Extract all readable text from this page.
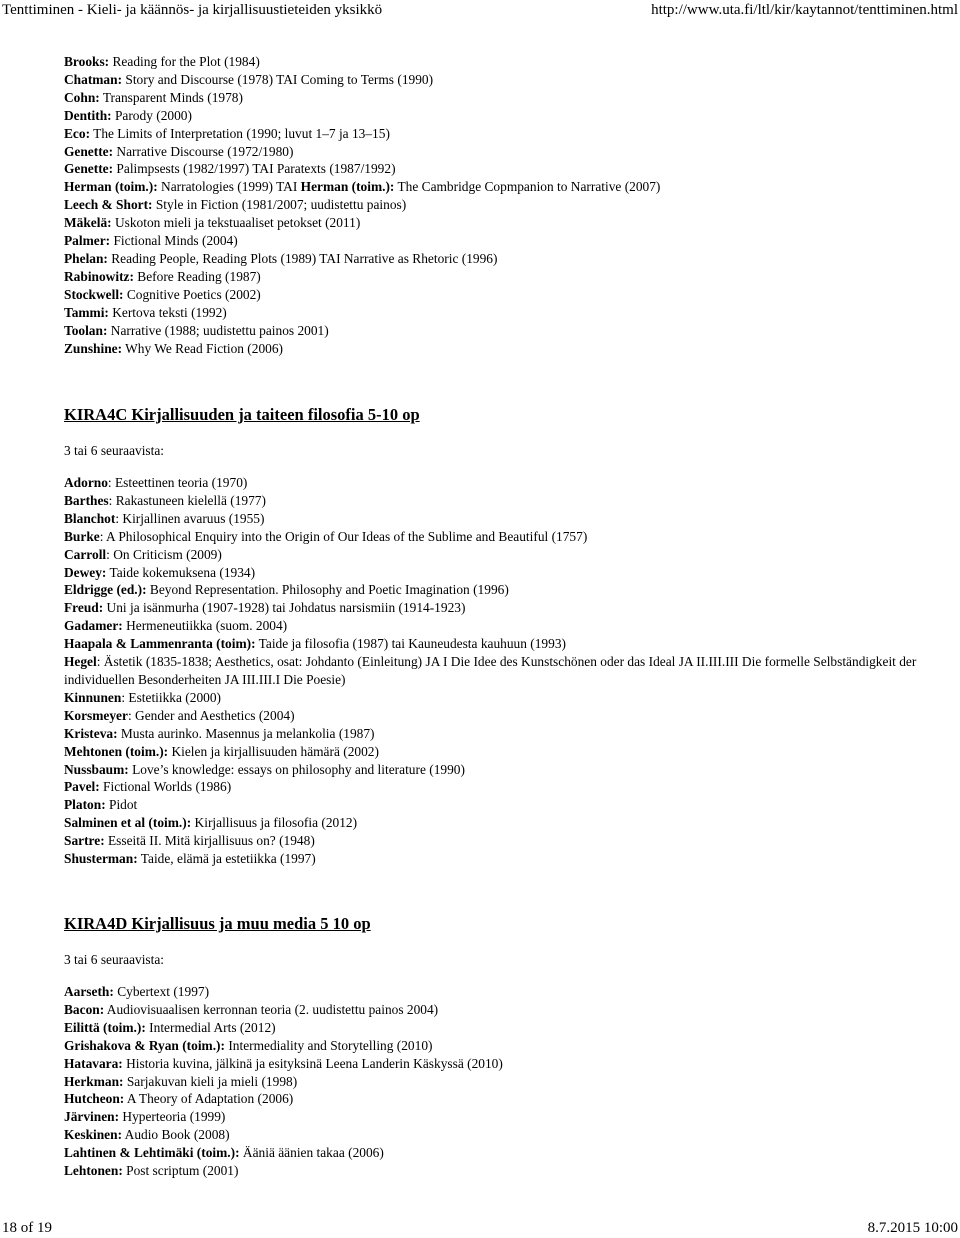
Tenttiminen - Kieli- ja käännös- ja kirjallisuustieteiden yksikkö	http://www.uta.fi/ltl/kir/kaytannot/tenttiminen.html

Brooks: Reading for the Plot (1984)

Chatman: Story and Discourse (1978) TAI Coming to Terms (1990)

Cohn: Transparent Minds (1978)

Dentith: Parody (2000)

Eco: The Limits of Interpretation (1990; luvut 1–7 ja 13–15)

Genette: Narrative Discourse (1972/1980)

Genette: Palimpsests (1982/1997) TAI Paratexts (1987/1992)

Herman (toim.): Narratologies (1999) TAI Herman (toim.): The Cambridge Copmpanion to Narrative (2007)

Leech & Short: Style in Fiction (1981/2007; uudistettu painos)

Mäkelä: Uskoton mieli ja tekstuaaliset petokset (2011)

Palmer: Fictional Minds (2004)

Phelan: Reading People, Reading Plots (1989) TAI Narrative as Rhetoric (1996)

Rabinowitz: Before Reading (1987)

Stockwell: Cognitive Poetics (2002)

Tammi: Kertova teksti (1992)

Toolan: Narrative (1988; uudistettu painos 2001)

Zunshine: Why We Read Fiction (2006)

KIRA4C Kirjallisuuden ja taiteen filosofia 5-10 op
3 tai 6 seuraavista:

Adorno: Esteettinen teoria (1970)

Barthes: Rakastuneen kielellä (1977)

Blanchot: Kirjallinen avaruus (1955)

Burke: A Philosophical Enquiry into the Origin of Our Ideas of the Sublime and Beautiful (1757)

Carroll: On Criticism (2009)

Dewey: Taide kokemuksena (1934)

Eldrigge (ed.): Beyond Representation. Philosophy and Poetic Imagination (1996)

Freud: Uni ja isänmurha (1907-1928) tai Johdatus narsismiin (1914-1923)

Gadamer: Hermeneutiikka (suom. 2004)

Haapala & Lammenranta (toim): Taide ja filosofia (1987) tai Kauneudesta kauhuun (1993)

Hegel: Ästetik (1835-1838; Aesthetics, osat: Johdanto (Einleitung) JA I Die Idee des Kunstschönen oder das Ideal JA II.III.III Die formelle Selbständigkeit der individuellen Besonderheiten JA III.III.I Die Poesie)

Kinnunen: Estetiikka (2000)

Korsmeyer: Gender and Aesthetics (2004)

Kristeva: Musta aurinko. Masennus ja melankolia (1987)

Mehtonen (toim.): Kielen ja kirjallisuuden hämärä (2002)

Nussbaum: Love’s knowledge: essays on philosophy and literature (1990)

Pavel: Fictional Worlds (1986)

Platon: Pidot

Salminen et al (toim.): Kirjallisuus ja filosofia (2012)

Sartre: Esseitä II. Mitä kirjallisuus on? (1948)

Shusterman: Taide, elämä ja estetiikka (1997)

KIRA4D Kirjallisuus ja muu media 5 10 op
3 tai 6 seuraavista:

Aarseth: Cybertext (1997)

Bacon: Audiovisuaalisen kerronnan teoria (2. uudistettu painos 2004)

Eilittä (toim.): Intermedial Arts (2012)

Grishakova & Ryan (toim.): Intermediality and Storytelling (2010)

Hatavara: Historia kuvina, jälkinä ja esityksinä Leena Landerin Käskyssä (2010)

Herkman: Sarjakuvan kieli ja mieli (1998)

Hutcheon: A Theory of Adaptation (2006)

Järvinen: Hyperteoria (1999)

Keskinen: Audio Book (2008)

Lahtinen & Lehtimäki (toim.): Ääniä äänien takaa (2006)

Lehtonen: Post scriptum (2001)

18 of 19	8.7.2015 10:00
